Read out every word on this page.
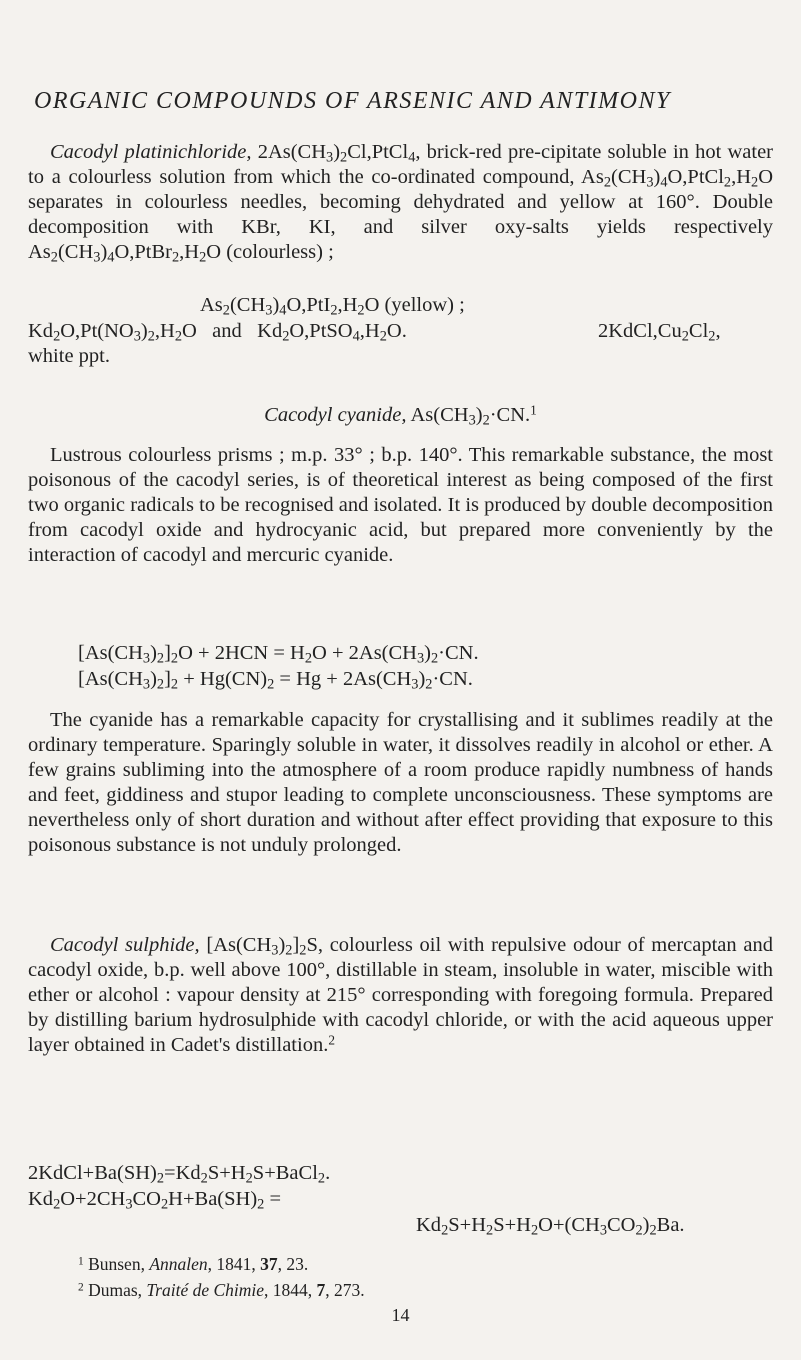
ORGANIC COMPOUNDS OF ARSENIC AND ANTIMONY
Cacodyl platinichloride, $2As(CH_3)_2Cl,PtCl_4$, brick-red pre-cipitate soluble in hot water to a colourless solution from which the co-ordinated compound, $As_2(CH_3)_4O,PtCl_2,H_2O$ separates in colourless needles, becoming dehydrated and yellow at 160°. Double decomposition with KBr, KI, and silver oxy-salts yields respectively $As_2(CH_3)_4O,PtBr_2,H_2O$ (colourless) ;
$As_2(CH_3)_4O,PtI_2,H_2O$ (yellow) ;
$Kd_2O,Pt(NO_3)_2,H_2O$   and   $Kd_2O,PtSO_4,H_2O$.	$2KdCl,Cu_2Cl_2$,
white ppt.
Cacodyl cyanide, $As(CH_3)_2\cdot CN.^1$
Lustrous colourless prisms ; m.p. 33° ; b.p. 140°. This remarkable substance, the most poisonous of the cacodyl series, is of theoretical interest as being composed of the first two organic radicals to be recognised and isolated. It is produced by double decomposition from cacodyl oxide and hydrocyanic acid, but prepared more conveniently by the interaction of cacodyl and mercuric cyanide.
$[As(CH_3)_2]_2O + 2HCN = H_2O + 2As(CH_3)_2\cdot CN$.
$[As(CH_3)_2]_2 + Hg(CN)_2 = Hg + 2As(CH_3)_2\cdot CN$.
The cyanide has a remarkable capacity for crystallising and it sublimes readily at the ordinary temperature. Sparingly soluble in water, it dissolves readily in alcohol or ether. A few grains subliming into the atmosphere of a room produce rapidly numbness of hands and feet, giddiness and stupor leading to complete unconsciousness. These symptoms are nevertheless only of short duration and without after effect providing that exposure to this poisonous substance is not unduly prolonged.
Cacodyl sulphide, $[As(CH_3)_2]_2S$, colourless oil with repulsive odour of mercaptan and cacodyl oxide, b.p. well above 100°, distillable in steam, insoluble in water, miscible with ether or alcohol : vapour density at 215° corresponding with foregoing formula. Prepared by distilling barium hydrosulphide with cacodyl chloride, or with the acid aqueous upper layer obtained in Cadet's distillation.$^2$
$2KdCl+Ba(SH)_2=Kd_2S+H_2S+BaCl_2$.
$Kd_2O+2CH_3CO_2H+Ba(SH)_2$ =
$Kd_2S+H_2S+H_2O+(CH_3CO_2)_2Ba$.
$^1$ Bunsen, Annalen, 1841, 37, 23.
$^2$ Dumas, Traité de Chimie, 1844, 7, 273.
14
